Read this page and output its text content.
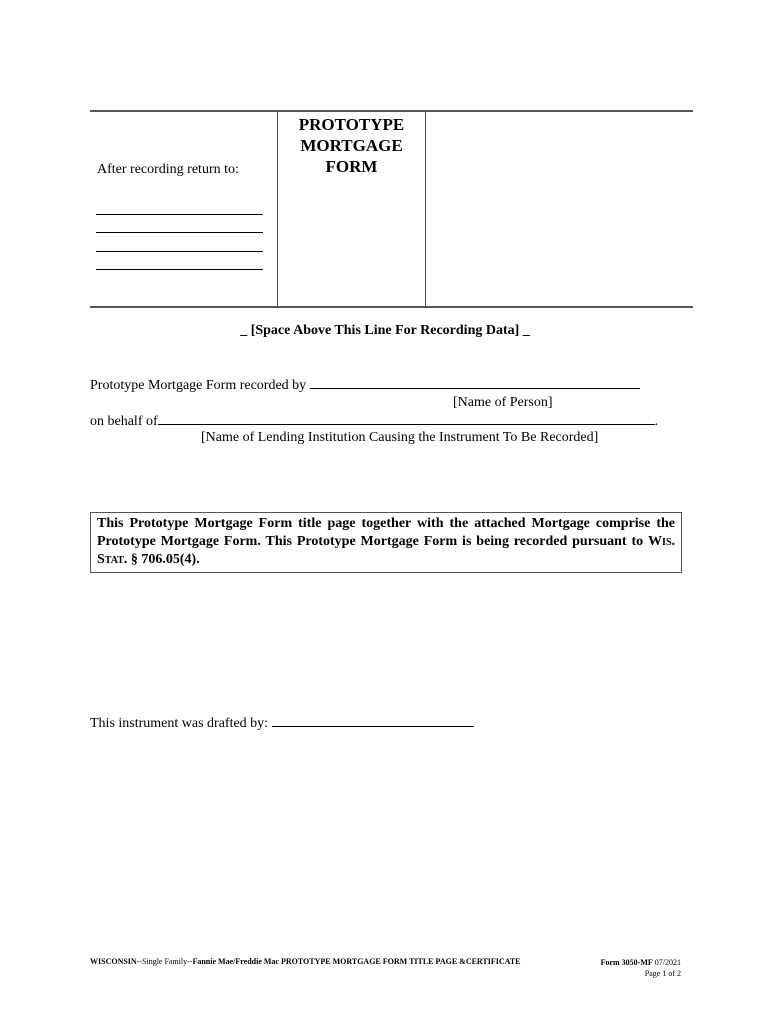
After recording return to:
PROTOTYPE
MORTGAGE
FORM
_ [Space Above This Line For Recording Data] _
Prototype Mortgage Form recorded by
[Name of Person]
on behalf of	.
[Name of Lending Institution Causing the Instrument To Be Recorded]
This Prototype Mortgage Form title page together with the attached Mortgage comprise the Prototype Mortgage Form. This Prototype Mortgage Form is being recorded pursuant to Wis. Stat. § 706.05(4).
This instrument was drafted by:
WISCONSIN--Single Family--Fannie Mae/Freddie Mac PROTOTYPE MORTGAGE FORM TITLE PAGE &CERTIFICATE	Form 3050-MF 07/2021
Page 1 of 2
